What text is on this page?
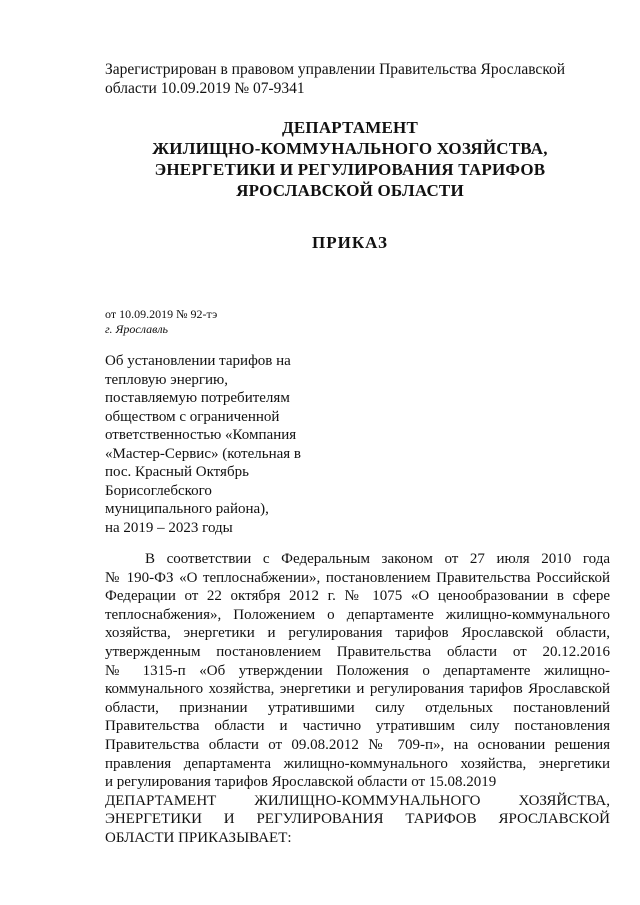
Зарегистрирован в правовом управлении Правительства Ярославской
области 10.09.2019 № 07-9341
ДЕПАРТАМЕНТ
ЖИЛИЩНО-КОММУНАЛЬНОГО ХОЗЯЙСТВА,
ЭНЕРГЕТИКИ И РЕГУЛИРОВАНИЯ ТАРИФОВ
ЯРОСЛАВСКОЙ ОБЛАСТИ
ПРИКАЗ
от 10.09.2019 № 92-тэ
г. Ярославль
Об установлении тарифов на
тепловую энергию,
поставляемую потребителям
обществом с ограниченной
ответственностью «Компания
«Мастер-Сервис» (котельная в
пос. Красный Октябрь
Борисоглебского
муниципального района),
на 2019 – 2023 годы
В соответствии с Федеральным законом от 27 июля 2010 года
№ 190-ФЗ «О теплоснабжении», постановлением Правительства Российской
Федерации от 22 октября 2012 г. № 1075 «О ценообразовании в сфере
теплоснабжения», Положением о департаменте жилищно-коммунального
хозяйства, энергетики и регулирования тарифов Ярославской области,
утвержденным постановлением Правительства области от 20.12.2016
№ 1315-п «Об утверждении Положения о департаменте жилищно-
коммунального хозяйства, энергетики и регулирования тарифов Ярославской
области, признании утратившими силу отдельных постановлений
Правительства области и частично утратившим силу постановления
Правительства области от 09.08.2012 № 709-п», на основании решения
правления департамента жилищно-коммунального хозяйства, энергетики
и регулирования тарифов Ярославской области от 15.08.2019
ДЕПАРТАМЕНТ ЖИЛИЩНО-КОММУНАЛЬНОГО ХОЗЯЙСТВА,
ЭНЕРГЕТИКИ И РЕГУЛИРОВАНИЯ ТАРИФОВ ЯРОСЛАВСКОЙ
ОБЛАСТИ ПРИКАЗЫВАЕТ:
